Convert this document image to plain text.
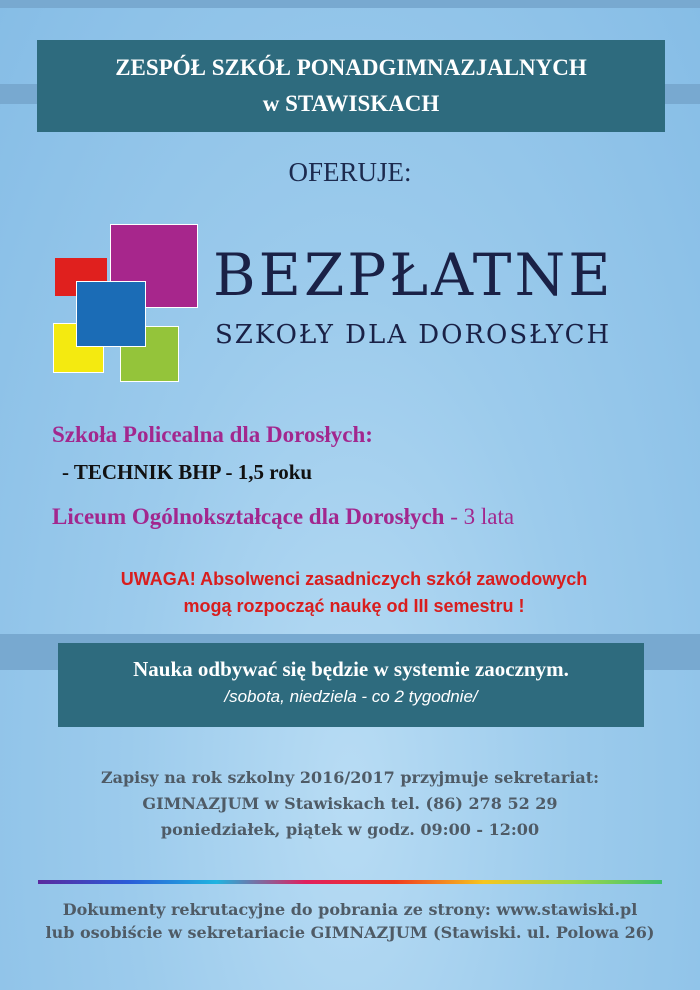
ZESPÓŁ SZKÓŁ PONADGIMNAZJALNYCH
w STAWISKACH
OFERUJE:
BEZPŁATNE
SZKOŁY DLA DOROSŁYCH
Szkoła Policealna dla Dorosłych:
- TECHNIK BHP - 1,5 roku
Liceum Ogólnokształcące dla Dorosłych - 3 lata
UWAGA! Absolwenci zasadniczych szkół zawodowych
mogą rozpocząć naukę od III semestru !
Nauka odbywać się będzie w systemie zaocznym.
/sobota, niedziela - co 2 tygodnie/
Zapisy na rok szkolny 2016/2017 przyjmuje sekretariat:
GIMNAZJUM w Stawiskach tel. (86) 278 52 29
poniedziałek, piątek w godz. 09:00 - 12:00
Dokumenty rekrutacyjne do pobrania ze strony: www.stawiski.pl
lub osobiście w sekretariacie GIMNAZJUM (Stawiski. ul. Polowa 26)
